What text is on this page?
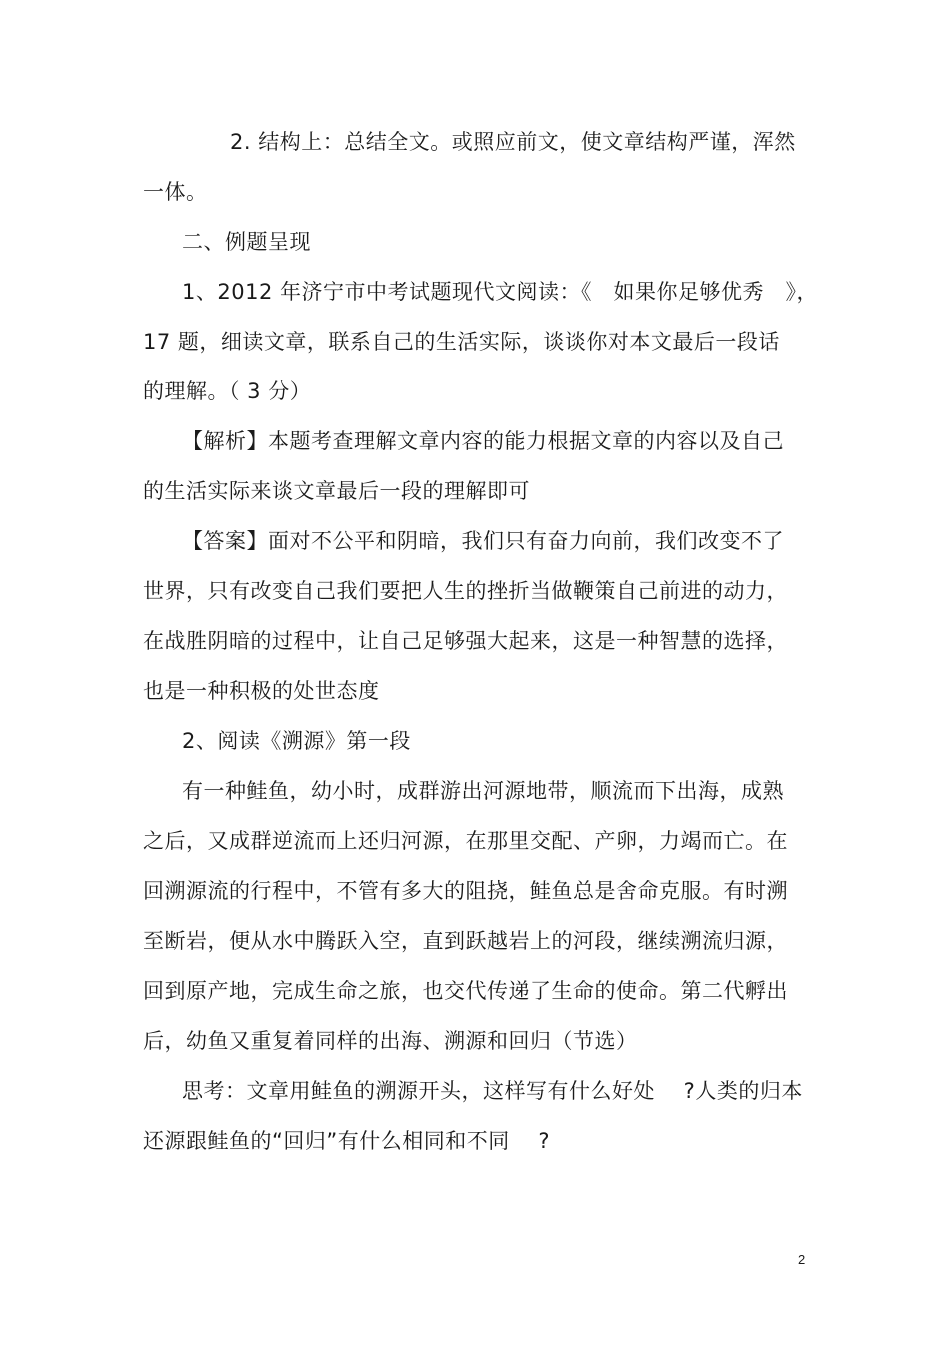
2. 结构上：总结全文。或照应前文，使文章结构严谨，浑然
一体。
二、例题呈现
1、2012 年济宁市中考试题现代文阅读：《　如果你足够优秀　》，
17 题，细读文章，联系自己的生活实际，谈谈你对本文最后一段话
的理解。（ 3 分）
【解析】本题考查理解文章内容的能力根据文章的内容以及自己
的生活实际来谈文章最后一段的理解即可
【答案】面对不公平和阴暗，我们只有奋力向前，我们改变不了
世界，只有改变自己我们要把人生的挫折当做鞭策自己前进的动力，
在战胜阴暗的过程中，让自己足够强大起来，这是一种智慧的选择，
也是一种积极的处世态度
2、阅读《溯源》第一段
有一种鲑鱼，幼小时，成群游出河源地带，顺流而下出海，成熟
之后，又成群逆流而上还归河源，在那里交配、产卵，力竭而亡。在
回溯源流的行程中，不管有多大的阻挠，鲑鱼总是舍命克服。有时溯
至断岩，便从水中腾跃入空，直到跃越岩上的河段，继续溯流归源，
回到原产地，完成生命之旅，也交代传递了生命的使命。第二代孵出
后，幼鱼又重复着同样的出海、溯源和回归（节选）
思考：文章用鲑鱼的溯源开头，这样写有什么好处　 ?人类的归本
还源跟鲑鱼的“回归”有什么相同和不同　 ?
2
